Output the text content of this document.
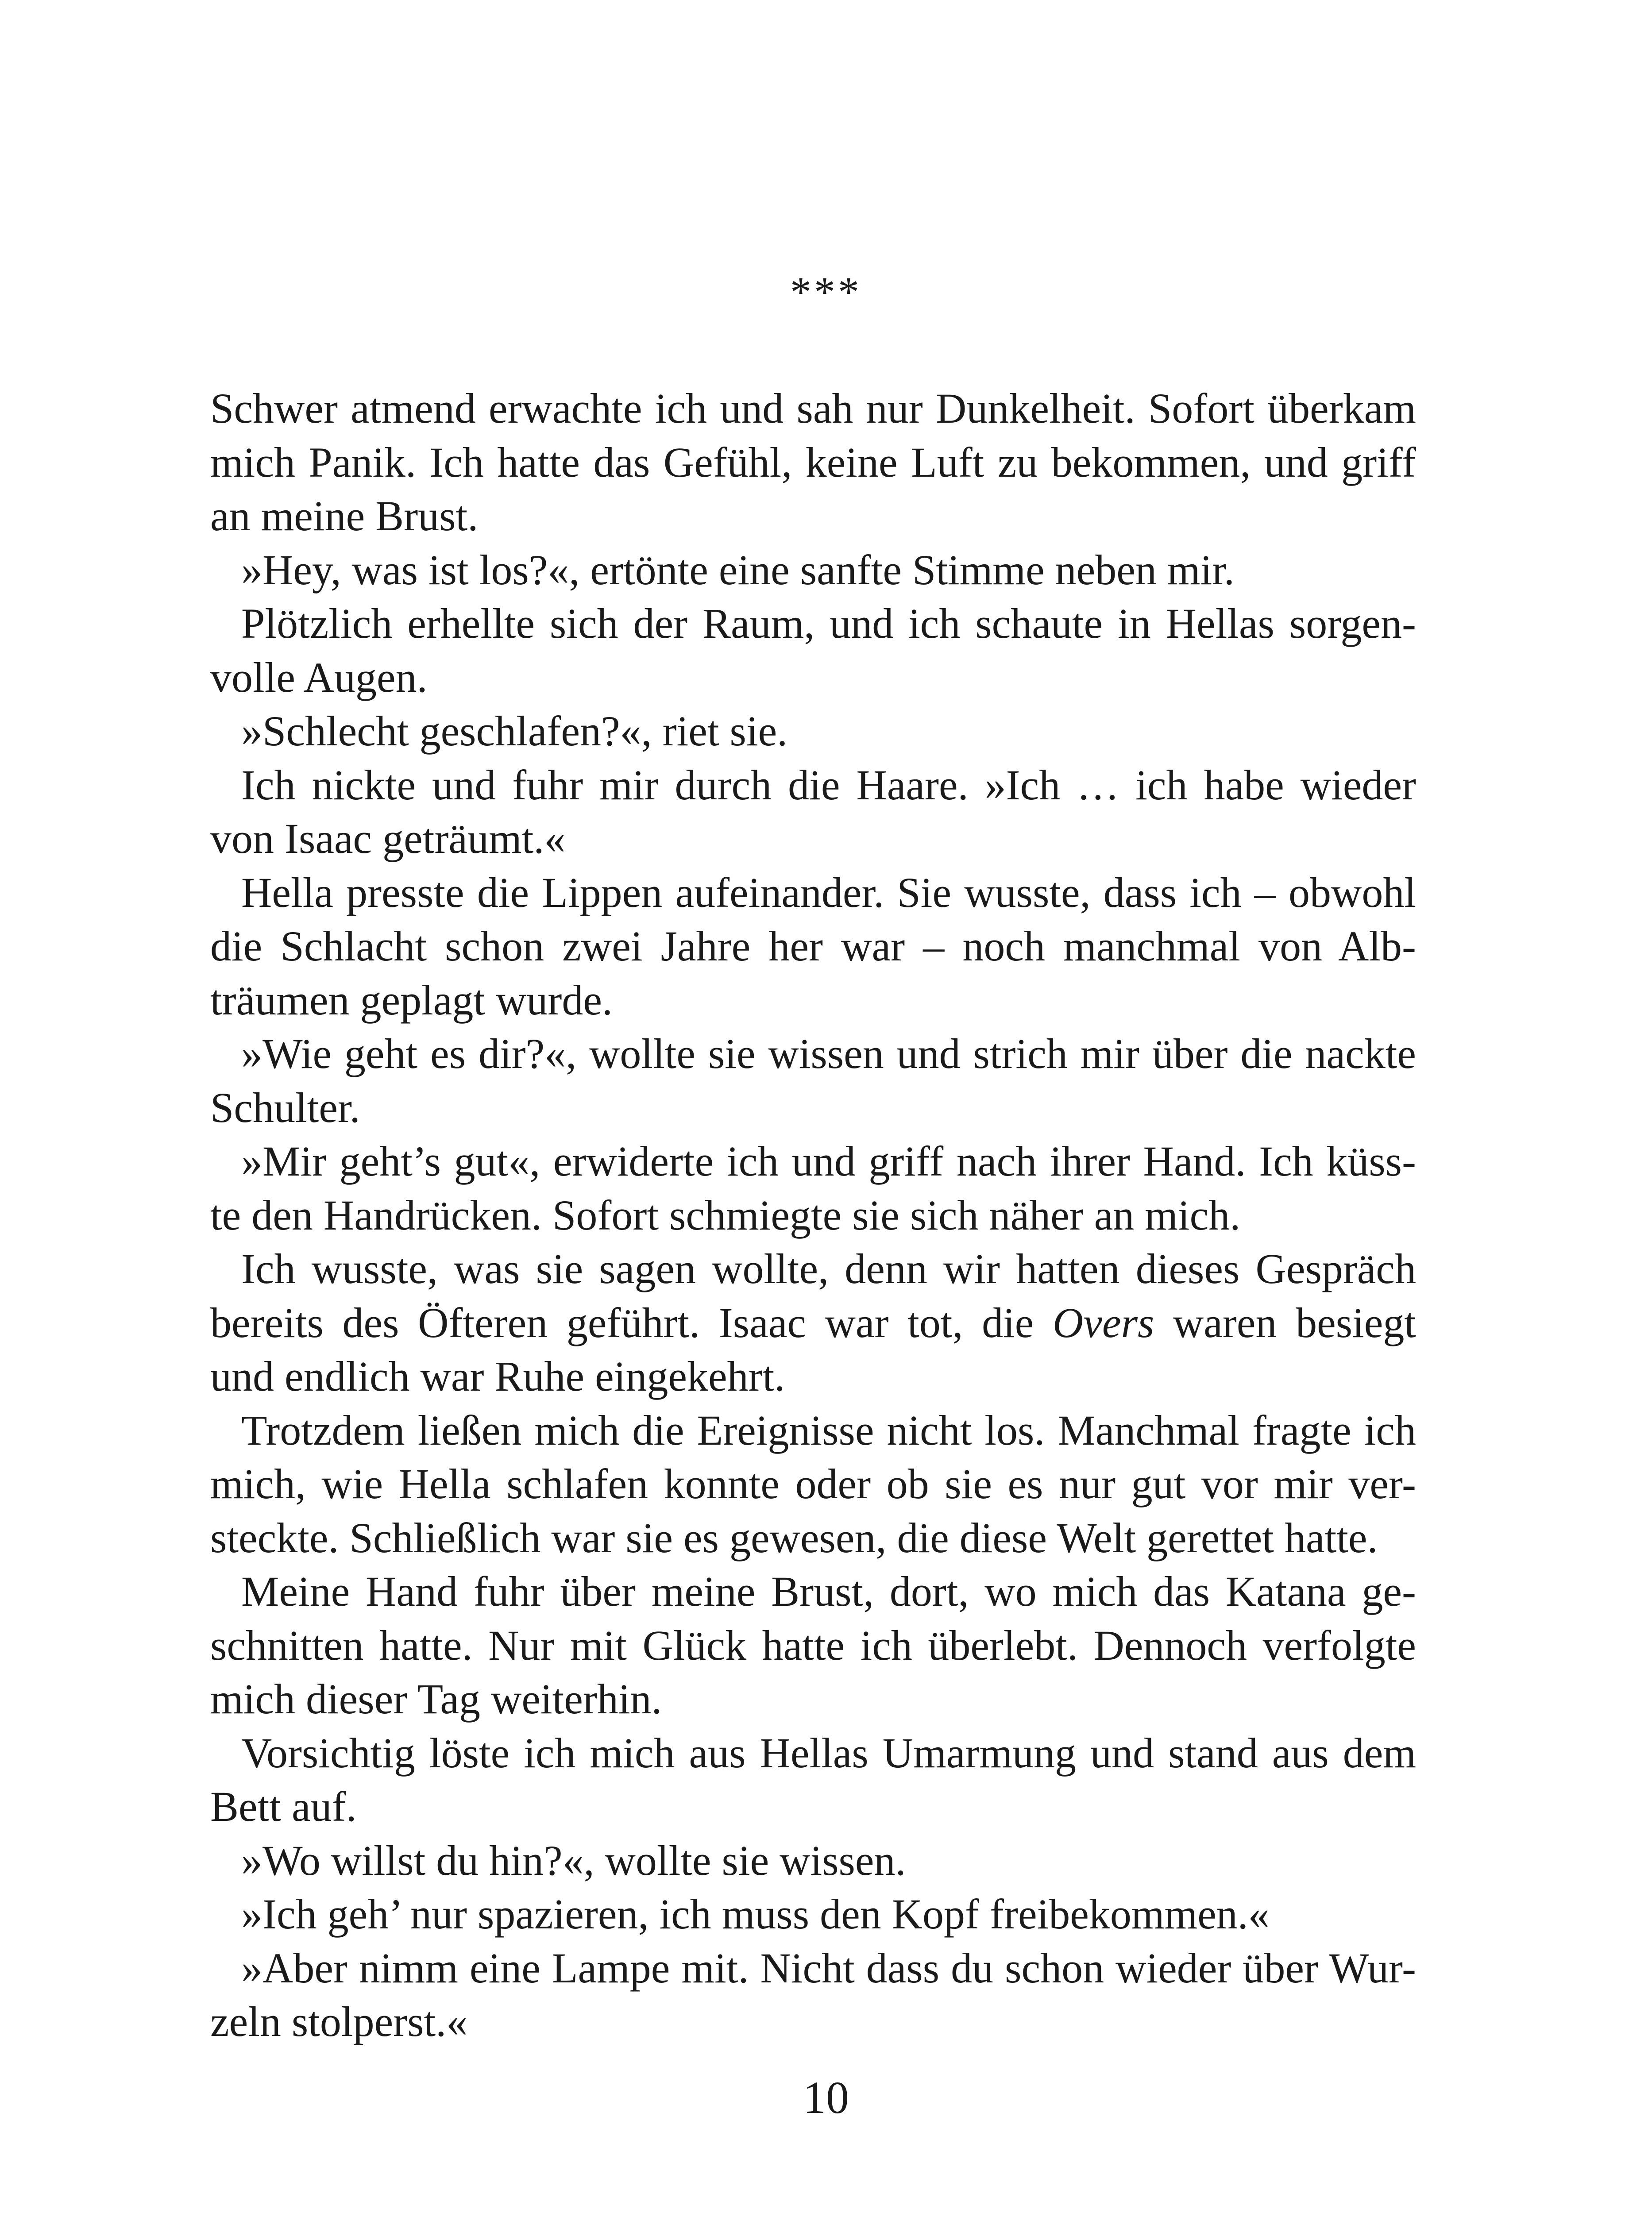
***
Schwer atmend erwachte ich und sah nur Dunkelheit. Sofort überkam
mich Panik. Ich hatte das Gefühl, keine Luft zu bekommen, und griff
an meine Brust.
»Hey, was ist los?«, ertönte eine sanfte Stimme neben mir.
Plötzlich erhellte sich der Raum, und ich schaute in Hellas sorgen-
volle Augen.
»Schlecht geschlafen?«, riet sie.
Ich nickte und fuhr mir durch die Haare. »Ich … ich habe wieder
von Isaac geträumt.«
Hella presste die Lippen aufeinander. Sie wusste, dass ich – obwohl
die Schlacht schon zwei Jahre her war – noch manchmal von Alb-
träumen geplagt wurde.
»Wie geht es dir?«, wollte sie wissen und strich mir über die nackte
Schulter.
»Mir geht’s gut«, erwiderte ich und griff nach ihrer Hand. Ich küss-
te den Handrücken. Sofort schmiegte sie sich näher an mich.
Ich wusste, was sie sagen wollte, denn wir hatten dieses Gespräch
bereits des Öfteren geführt. Isaac war tot, die Overs waren besiegt
und endlich war Ruhe eingekehrt.
Trotzdem ließen mich die Ereignisse nicht los. Manchmal fragte ich
mich, wie Hella schlafen konnte oder ob sie es nur gut vor mir ver-
steckte. Schließlich war sie es gewesen, die diese Welt gerettet hatte.
Meine Hand fuhr über meine Brust, dort, wo mich das Katana ge-
schnitten hatte. Nur mit Glück hatte ich überlebt. Dennoch verfolgte
mich dieser Tag weiterhin.
Vorsichtig löste ich mich aus Hellas Umarmung und stand aus dem
Bett auf.
»Wo willst du hin?«, wollte sie wissen.
»Ich geh’ nur spazieren, ich muss den Kopf freibekommen.«
»Aber nimm eine Lampe mit. Nicht dass du schon wieder über Wur-
zeln stolperst.«
10
